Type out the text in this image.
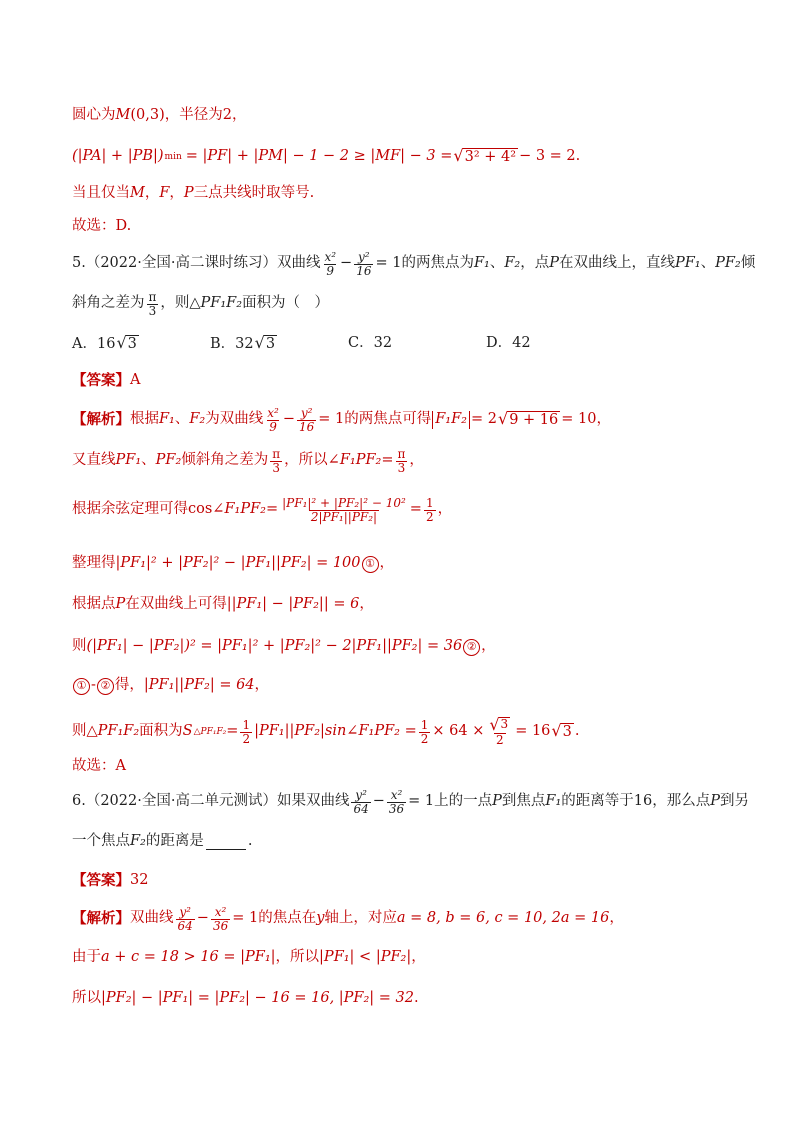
圆心为 M (0,3) ，半径为 2 ，
(|PA| + |PB|) min = |PF| + |PM| − 1 − 2 ≥ |MF| − 3 = √ 3² + 4² − 3 = 2 .
当且仅当 M ， F ， P 三点共线时取等号.
故选：D.
5.（2022·全国·高二课时练习）双曲线 $\frac{\text{x²}}{9} - \frac{\text{y²}}{16} = 1$ 的两焦点为 F₁ 、 F₂ ，点 P 在双曲线上，直线 PF₁ 、 PF₂ 倾
斜角之差为 $\frac{\pi}{3}$ ，则△ PF₁F₂ 面积为（　）
A．16 √ 3	B．32 √ 3	C．32	D．42
【答案】 A
【解析】 根据 F₁ 、 F₂ 为双曲线 $\frac{\text{x²}}{9} - \frac{\text{y²}}{16} = 1$ 的两焦点可得 F₁F₂ = 2 √ 9 + 16 = 10 ，
又直线 PF₁ 、 PF₂ 倾斜角之差为 $\frac{\pi}{3}$ ，所以∠ $F_1PF_2 = \frac{\pi}{3}$ ，
根据余弦定理可得cos∠ $F_1PF_2 = \frac{\text{|PF₁|² + |PF₂|² − 10²}}{\text{2|PF₁||PF₂|}} = \frac{1}{2}$ ，
整理得 |PF₁|² + |PF₂|² − |PF₁||PF₂| = 100 ① ，
根据点 P 在双曲线上可得 ||PF₁| − |PF₂|| = 6 ，
则 (|PF₁| − |PF₂|)² = |PF₁|² + |PF₂|² − 2|PF₁||PF₂| = 36 ② ，
① - ② 得， |PF₁||PF₂| = 64 ，
则△ PF₁F₂ 面积为 S △PF₁F₂ = $\frac{1}{2}$ |PF₁||PF₂|sin∠F₁PF₂ = $\frac{1}{2} \times 64 \times \frac{√ 3}{2} = 16$ √ 3 .
故选：A
6.（2022·全国·高二单元测试）如果双曲线 $\frac{\text{y²}}{64} - \frac{\text{x²}}{36} = 1$ 上的一点 P 到焦点 F₁ 的距离等于16，那么点 P 到另
一个焦点 F₂ 的距离是	.
【答案】 32
【解析】 双曲线 $\frac{\text{y²}}{64} - \frac{\text{x²}}{36} = 1$ 的焦点在 y 轴上，对应 a = 8, b = 6, c = 10, 2a = 16 ，
由于 a + c = 18 > 16 = |PF₁| ，所以 |PF₁| < |PF₂| ，
所以 |PF₂| − |PF₁| = |PF₂| − 16 = 16, |PF₂| = 32 .
